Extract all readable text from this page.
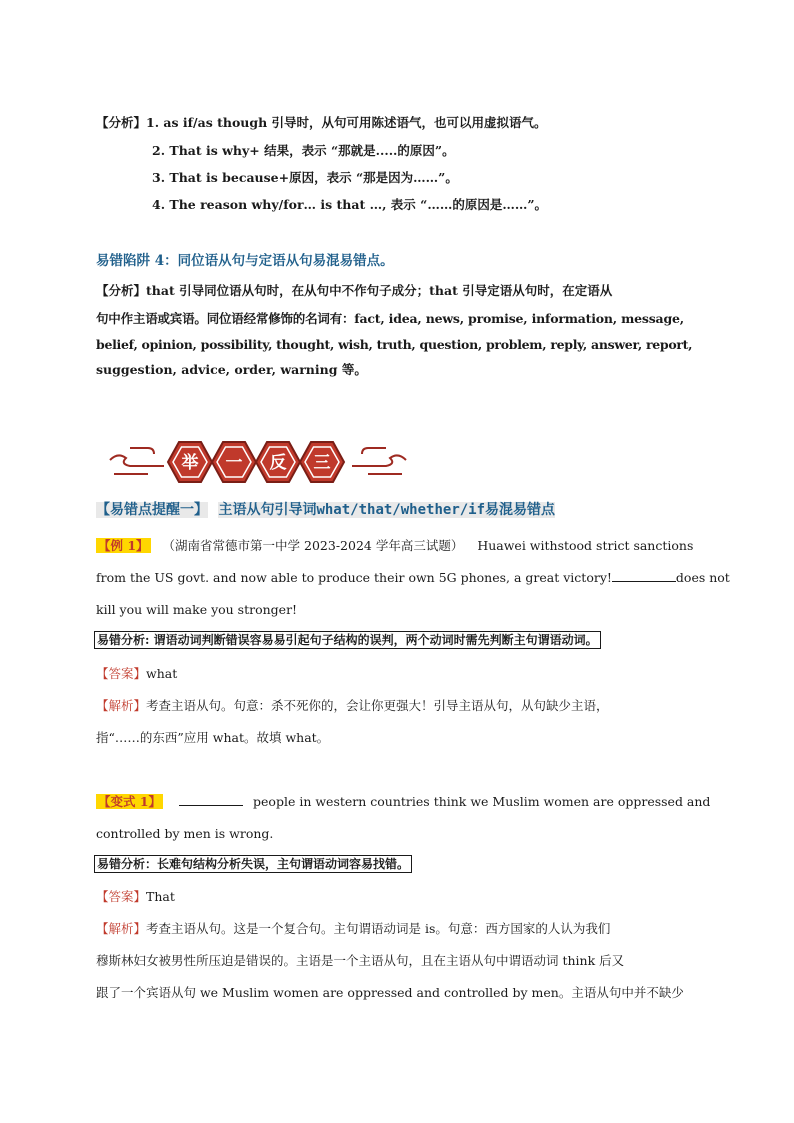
【分析】1. as if/as though 引导时，从句可用陈述语气，也可以用虚拟语气。
2. That is why+ 结果，表示 “那就是.....的原因”。
3. That is because+原因，表示 “那是因为……”。
4. The reason why/for… is that …, 表示 “……的原因是……”。
易错陷阱 4：同位语从句与定语从句易混易错点。
【分析】that 引导同位语从句时，在从句中不作句子成分；that 引导定语从句时，在定语从
句中作主语或宾语。同位语经常修饰的名词有：fact, idea, news, promise, information, message,
belief, opinion, possibility, thought, wish, truth, question, problem, reply, answer, report,
suggestion, advice, order, warning 等。
举 一 反 三
【易错点提醒一】 主语从句引导词what/that/whether/if易混易错点
【例 1】 （湖南省常德市第一中学 2023-2024 学年高三试题） Huawei withstood strict sanctions
from the US govt. and now able to produce their own 5G phones, a great victory!	does not
kill you will make you stronger!
易错分析: 谓语动词判断错误容易易引起句子结构的误判，两个动词时需先判断主句谓语动词。
【答案】what
【解析】考查主语从句。句意：杀不死你的，会让你更强大！引导主语从句，从句缺少主语，
指“……的东西”应用 what。故填 what。
【变式 1】	people in western countries think we Muslim women are oppressed and
controlled by men is wrong.
易错分析：长难句结构分析失误，主句谓语动词容易找错。
【答案】That
【解析】考查主语从句。这是一个复合句。主句谓语动词是 is。句意：西方国家的人认为我们
穆斯林妇女被男性所压迫是错误的。主语是一个主语从句，且在主语从句中谓语动词 think 后又
跟了一个宾语从句 we Muslim women are oppressed and controlled by men。主语从句中并不缺少
